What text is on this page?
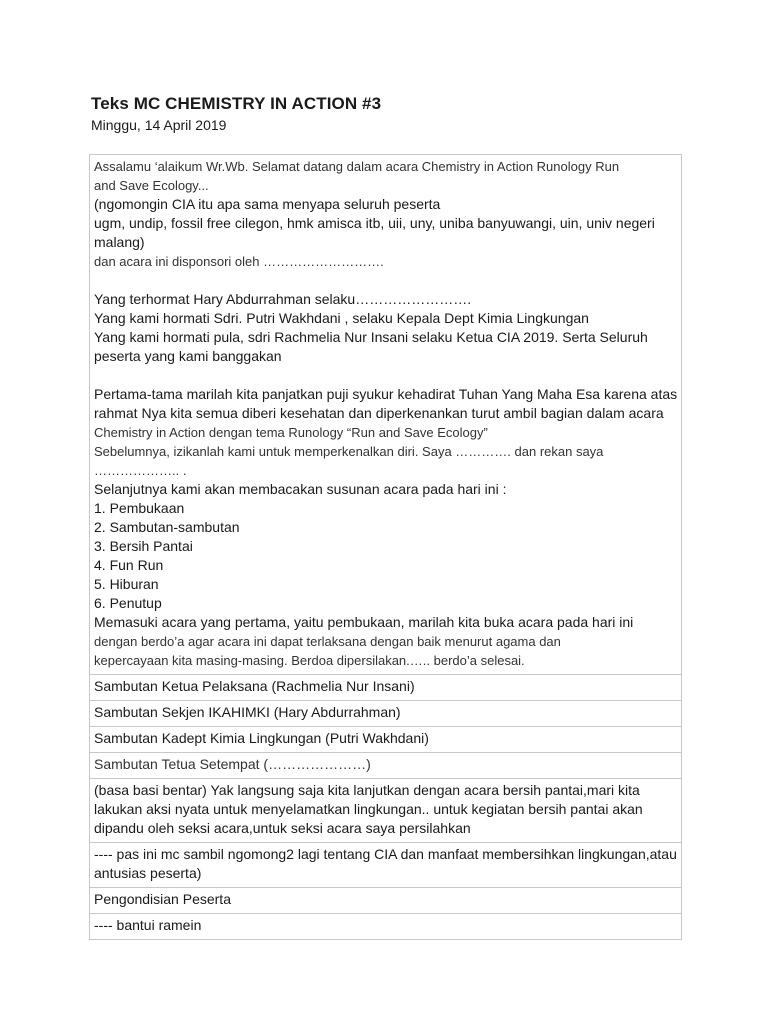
Teks MC CHEMISTRY IN ACTION #3
Minggu, 14 April 2019
Assalamu ‘alaikum Wr.Wb. Selamat datang dalam acara Chemistry in Action Runology Run
and Save Ecology...
(ngomongin CIA itu apa sama menyapa seluruh peserta
ugm, undip, fossil free cilegon, hmk amisca itb, uii, uny, uniba banyuwangi, uin, univ negeri
malang)
dan acara ini disponsori oleh ……………………….
Yang terhormat Hary Abdurrahman selaku…………………….
Yang kami hormati Sdri. Putri Wakhdani , selaku Kepala Dept Kimia Lingkungan
Yang kami hormati pula, sdri Rachmelia Nur Insani selaku Ketua CIA 2019. Serta Seluruh
peserta yang kami banggakan
Pertama-tama marilah kita panjatkan puji syukur kehadirat Tuhan Yang Maha Esa karena atas
rahmat Nya kita semua diberi kesehatan dan diperkenankan turut ambil bagian dalam acara
Chemistry in Action dengan tema Runology “Run and Save Ecology”
Sebelumnya, izikanlah kami untuk memperkenalkan diri. Saya …………. dan rekan saya
……………….. .
Selanjutnya kami akan membacakan susunan acara pada hari ini :
1. Pembukaan
2. Sambutan-sambutan
3. Bersih Pantai
4. Fun Run
5. Hiburan
6. Penutup
Memasuki acara yang pertama, yaitu pembukaan, marilah kita buka acara pada hari ini
dengan berdo’a agar acara ini dapat terlaksana dengan baik menurut agama dan
kepercayaan kita masing-masing. Berdoa dipersilakan.….. berdo’a selesai.

Sambutan Ketua Pelaksana (Rachmelia Nur Insani)
Sambutan Sekjen IKAHIMKI (Hary Abdurrahman)
Sambutan Kadept Kimia Lingkungan (Putri Wakhdani)
Sambutan Tetua Setempat (…………………)

(basa basi bentar) Yak langsung saja kita lanjutkan dengan acara bersih pantai,mari kita
lakukan aksi nyata untuk menyelamatkan lingkungan.. untuk kegiatan bersih pantai akan
dipandu oleh seksi acara,untuk seksi acara saya persilahkan

---- pas ini mc sambil ngomong2 lagi tentang CIA dan manfaat membersihkan lingkungan,atau
antusias peserta)

Pengondisian Peserta
---- bantui ramein
